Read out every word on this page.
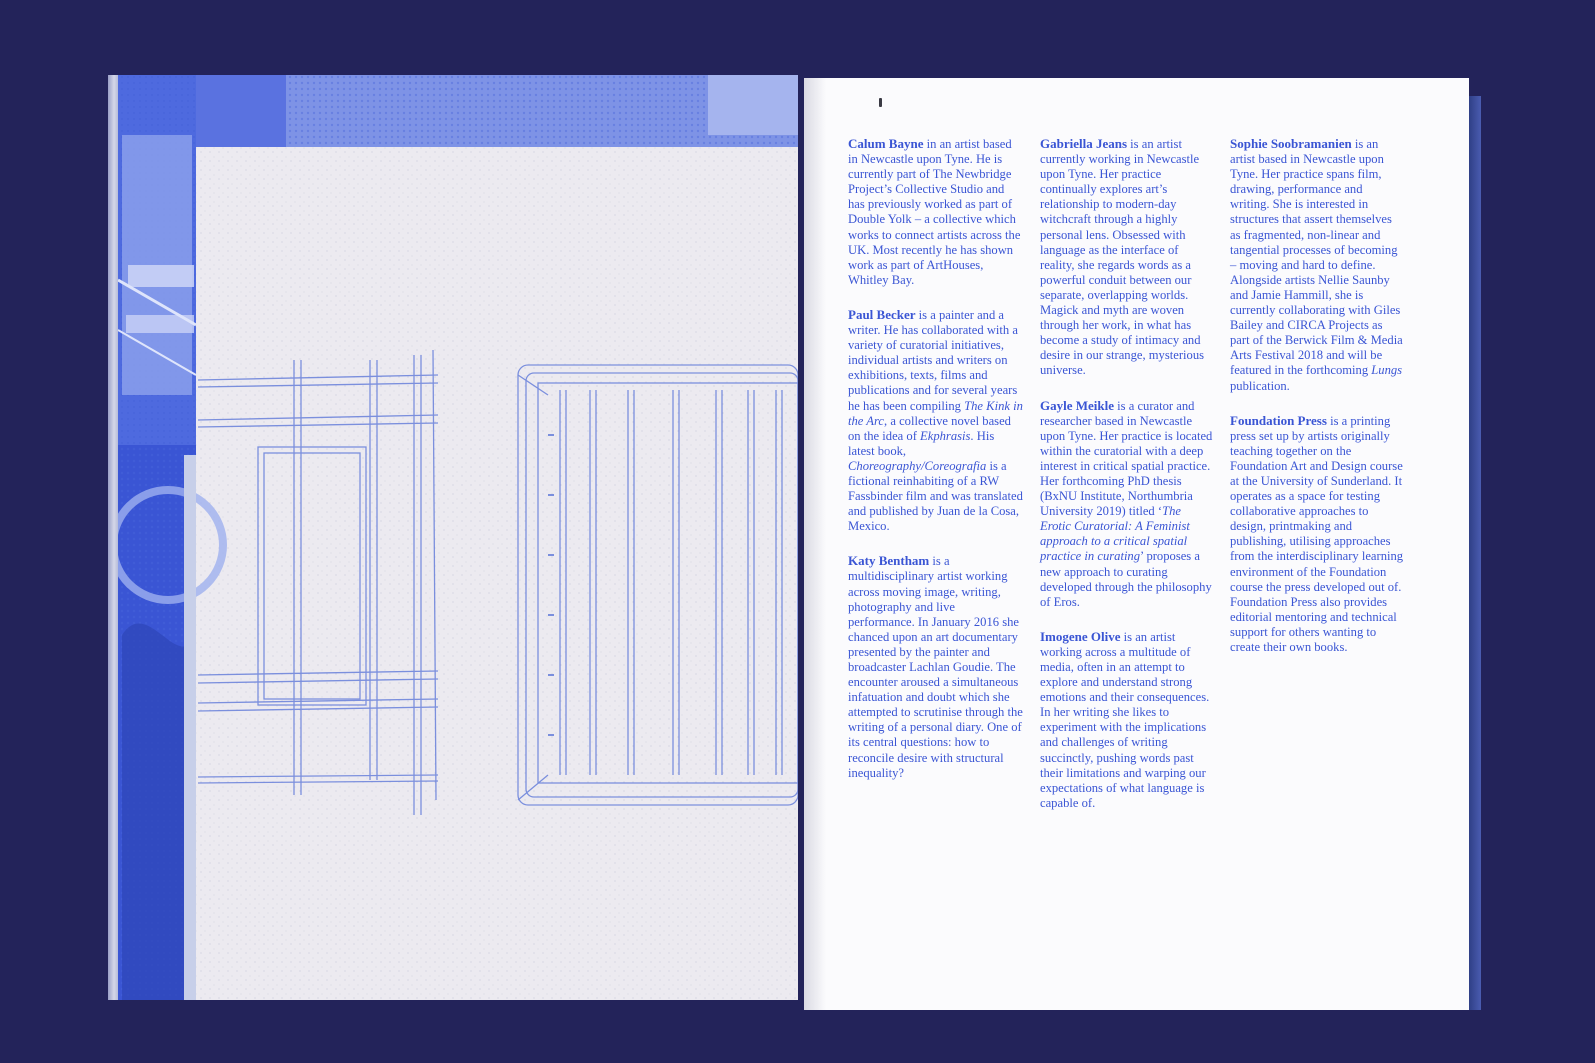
Calum Bayne in an artist based in Newcastle upon Tyne. He is currently part of The Newbridge Project’s Collective Studio and has previously worked as part of Double Yolk – a collective which works to connect artists across the UK. Most recently he has shown work as part of ArtHouses, Whitley Bay.

Paul Becker is a painter and a writer. He has collaborated with a variety of curatorial initiatives, individual artists and writers on exhibitions, texts, films and publications and for several years he has been compiling The Kink in the Arc, a collective novel based on the idea of Ekphrasis. His latest book, Choreography/Coreografia is a fictional reinhabiting of a RW Fassbinder film and was translated and published by Juan de la Cosa, Mexico.

Katy Bentham is a multidisciplinary artist working across moving image, writing, photography and live performance. In January 2016 she chanced upon an art documentary presented by the painter and broadcaster Lachlan Goudie. The encounter aroused a simultaneous infatuation and doubt which she attempted to scrutinise through the writing of a personal diary. One of its central questions: how to reconcile desire with structural inequality?

Gabriella Jeans is an artist currently working in Newcastle upon Tyne. Her practice continually explores art’s relationship to modern-day witchcraft through a highly personal lens. Obsessed with language as the interface of reality, she regards words as a powerful conduit between our separate, overlapping worlds. Magick and myth are woven through her work, in what has become a study of intimacy and desire in our strange, mysterious universe.

Gayle Meikle is a curator and researcher based in Newcastle upon Tyne. Her practice is located within the curatorial with a deep interest in critical spatial practice. Her forthcoming PhD thesis (BxNU Institute, Northumbria University 2019) titled ‘The Erotic Curatorial: A Feminist approach to a critical spatial practice in curating’ proposes a new approach to curating developed through the philosophy of Eros.

Imogene Olive is an artist working across a multitude of media, often in an attempt to explore and understand strong emotions and their consequences. In her writing she likes to experiment with the implications and challenges of writing succinctly, pushing words past their limitations and warping our expectations of what language is capable of.

Sophie Soobramanien is an artist based in Newcastle upon Tyne. Her practice spans film, drawing, performance and writing. She is interested in structures that assert themselves as fragmented, non-linear and tangential processes of becoming – moving and hard to define. Alongside artists Nellie Saunby and Jamie Hammill, she is currently collaborating with Giles Bailey and CIRCA Projects as part of the Berwick Film & Media Arts Festival 2018 and will be featured in the forthcoming Lungs publication.

Foundation Press is a printing press set up by artists originally teaching together on the Foundation Art and Design course at the University of Sunderland. It operates as a space for testing collaborative approaches to design, printmaking and publishing, utilising approaches from the interdisciplinary learning environment of the Foundation course the press developed out of. Foundation Press also provides editorial mentoring and technical support for others wanting to create their own books.
